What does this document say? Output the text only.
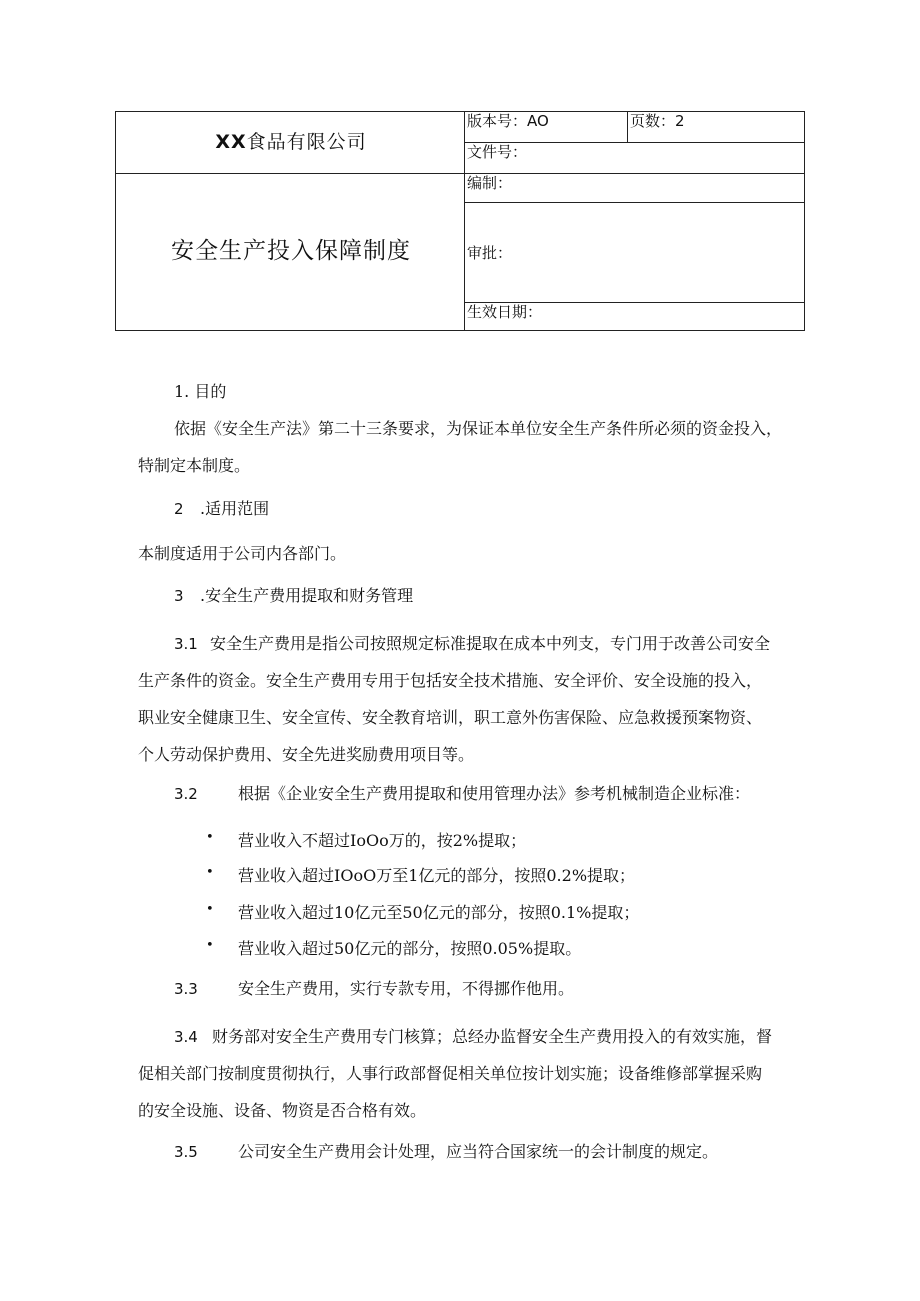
XX食品有限公司	版本号：AO	页数：2
	文件号：	
安全生产投入保障制度	编制：	
	审批：	
	生效日期：	
1. 目的
依据《安全生产法》第二十三条要求，为保证本单位安全生产条件所必须的资金投入，
特制定本制度。
2 .适用范围
本制度适用于公司内各部门。
3 .安全生产费用提取和财务管理
3.1 安全生产费用是指公司按照规定标准提取在成本中列支，专门用于改善公司安全
生产条件的资金。安全生产费用专用于包括安全技术措施、安全评价、安全设施的投入，
职业安全健康卫生、安全宣传、安全教育培训，职工意外伤害保险、应急救援预案物资、
个人劳动保护费用、安全先进奖励费用项目等。
3.2	根据《企业安全生产费用提取和使用管理办法》参考机械制造企业标准：
• 营业收入不超过IoOo万的，按2%提取；
• 营业收入超过IOoO万至1亿元的部分，按照0.2%提取；
• 营业收入超过10亿元至50亿元的部分，按照0.1%提取；
• 营业收入超过50亿元的部分，按照0.05%提取。
3.3	安全生产费用，实行专款专用，不得挪作他用。
3.4 财务部对安全生产费用专门核算；总经办监督安全生产费用投入的有效实施，督
促相关部门按制度贯彻执行，人事行政部督促相关单位按计划实施；设备维修部掌握采购
的安全设施、设备、物资是否合格有效。
3.5	公司安全生产费用会计处理，应当符合国家统一的会计制度的规定。
